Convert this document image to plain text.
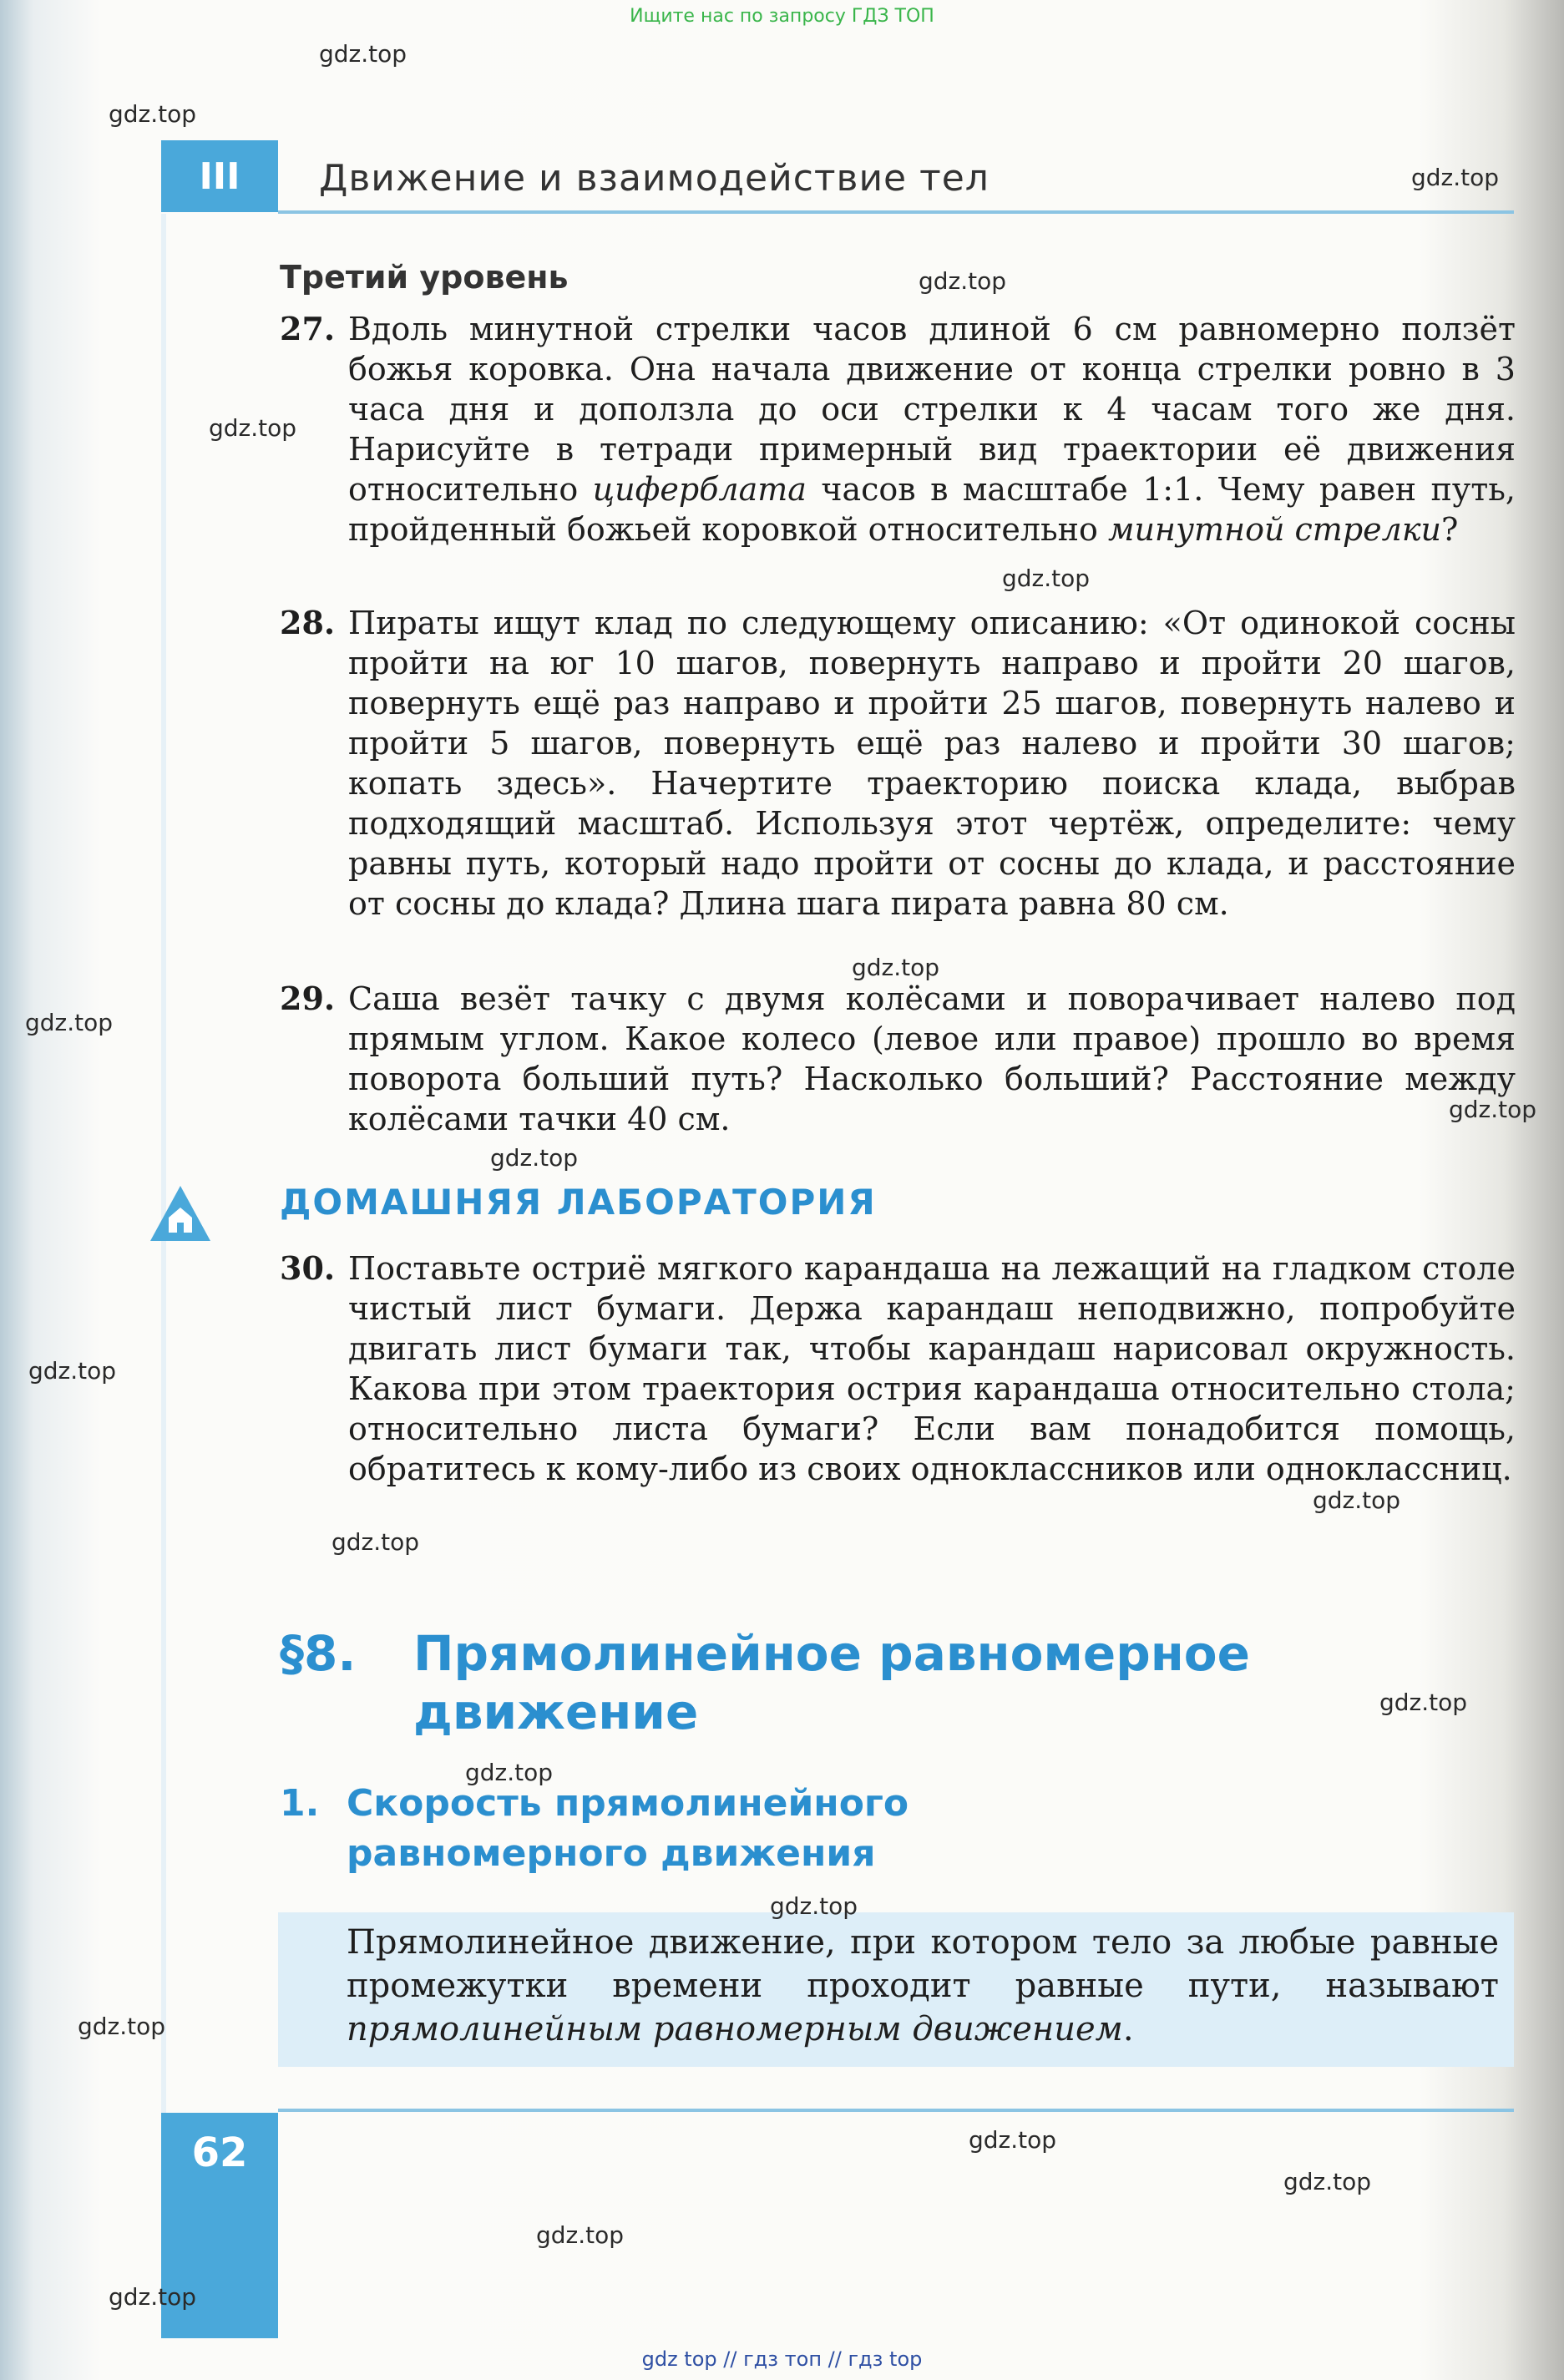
Ищите нас по запросу ГДЗ ТОП
III	Движение и взаимодействие тел
Третий уровень
27. Вдоль минутной стрелки часов длиной 6 см равномерно ползёт божья коровка. Она начала движение от конца стрелки ровно в 3 часа дня и доползла до оси стрелки к 4 часам того же дня. Нарисуйте в тетради примерный вид траектории её движения относительно циферблата часов в масштабе 1:1. Чему равен путь, пройденный божьей коровкой относительно минутной стрелки?
28. Пираты ищут клад по следующему описанию: «От одинокой сосны пройти на юг 10 шагов, повернуть направо и пройти 20 шагов, повернуть ещё раз направо и пройти 25 шагов, повернуть налево и пройти 5 шагов, повернуть ещё раз налево и пройти 30 шагов; копать здесь». Начертите траекторию поиска клада, выбрав подходящий масштаб. Используя этот чертёж, определите: чему равны путь, который надо пройти от сосны до клада, и расстояние от сосны до клада? Длина шага пирата равна 80 см.
29. Саша везёт тачку с двумя колёсами и поворачивает налево под прямым углом. Какое колесо (левое или правое) прошло во время поворота больший путь? Насколько больший? Расстояние между колёсами тачки 40 см.
ДОМАШНЯЯ ЛАБОРАТОРИЯ
30. Поставьте остриё мягкого карандаша на лежащий на гладком столе чистый лист бумаги. Держа карандаш неподвижно, попробуйте двигать лист бумаги так, чтобы карандаш нарисовал окружность. Какова при этом траектория острия карандаша относительно стола; относительно листа бумаги? Если вам понадобится помощь, обратитесь к кому-либо из своих одноклассников или одноклассниц.
§8. Прямолинейное равномерное движение
1. Скорость прямолинейного равномерного движения
Прямолинейное движение, при котором тело за любые равные промежутки времени проходит равные пути, называют прямолинейным равномерным движением.
62
gdz.top
gdz.top
gdz.top
gdz.top
gdz.top
gdz.top
gdz.top
gdz.top
gdz.top
gdz.top
gdz.top
gdz.top
gdz.top
gdz.top
gdz.top
gdz.top
gdz.top
gdz.top
gdz.top
gdz.top
gdz.top
gdz top // гдз топ // гдз top
